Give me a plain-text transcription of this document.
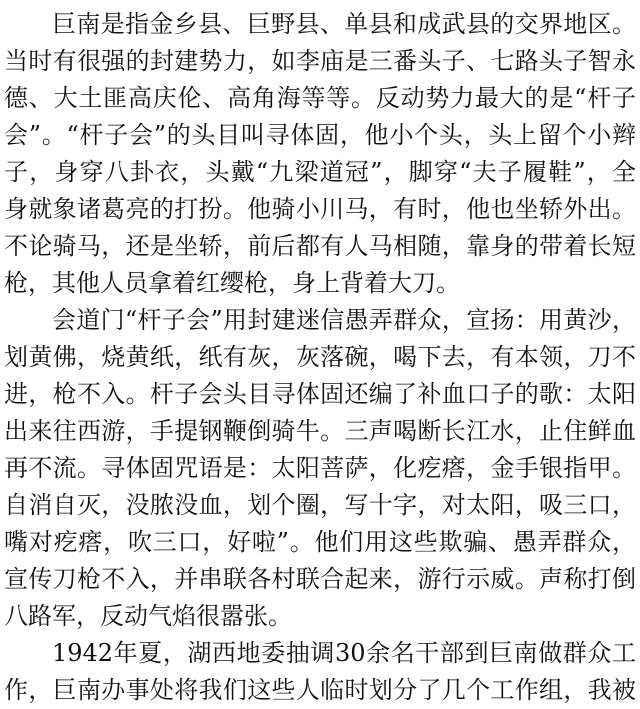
巨南是指金乡县、巨野县、单县和成武县的交界地区。
当时有很强的封建势力，如李庙是三番头子、七路头子智永
德、大土匪高庆伦、高角海等等。反动势力最大的是“杆子
会”。“杆子会”的头目叫寻体固，他小个头，头上留个小辫
子，身穿八卦衣，头戴“九梁道冠”，脚穿“夫子履鞋”，全
身就象诸葛亮的打扮。他骑小川马，有时，他也坐轿外出。
不论骑马，还是坐轿，前后都有人马相随，靠身的带着长短
枪，其他人员拿着红缨枪，身上背着大刀。
会道门“杆子会”用封建迷信愚弄群众，宣扬：用黄沙，
划黄佛，烧黄纸，纸有灰，灰落碗，喝下去，有本领，刀不
进，枪不入。杆子会头目寻体固还编了补血口子的歌：太阳
出来往西游，手提钢鞭倒骑牛。三声喝断长江水，止住鲜血
再不流。寻体固咒语是：太阳菩萨，化疙瘩，金手银指甲。
自消自灭，没脓没血，划个圈，写十字，对太阳，吸三口，
嘴对疙瘩，吹三口，好啦”。他们用这些欺骗、愚弄群众，
宣传刀枪不入，并串联各村联合起来，游行示威。声称打倒
八路军，反动气焰很嚣张。
1942年夏，湖西地委抽调30余名干部到巨南做群众工
作，巨南办事处将我们这些人临时划分了几个工作组，我被
